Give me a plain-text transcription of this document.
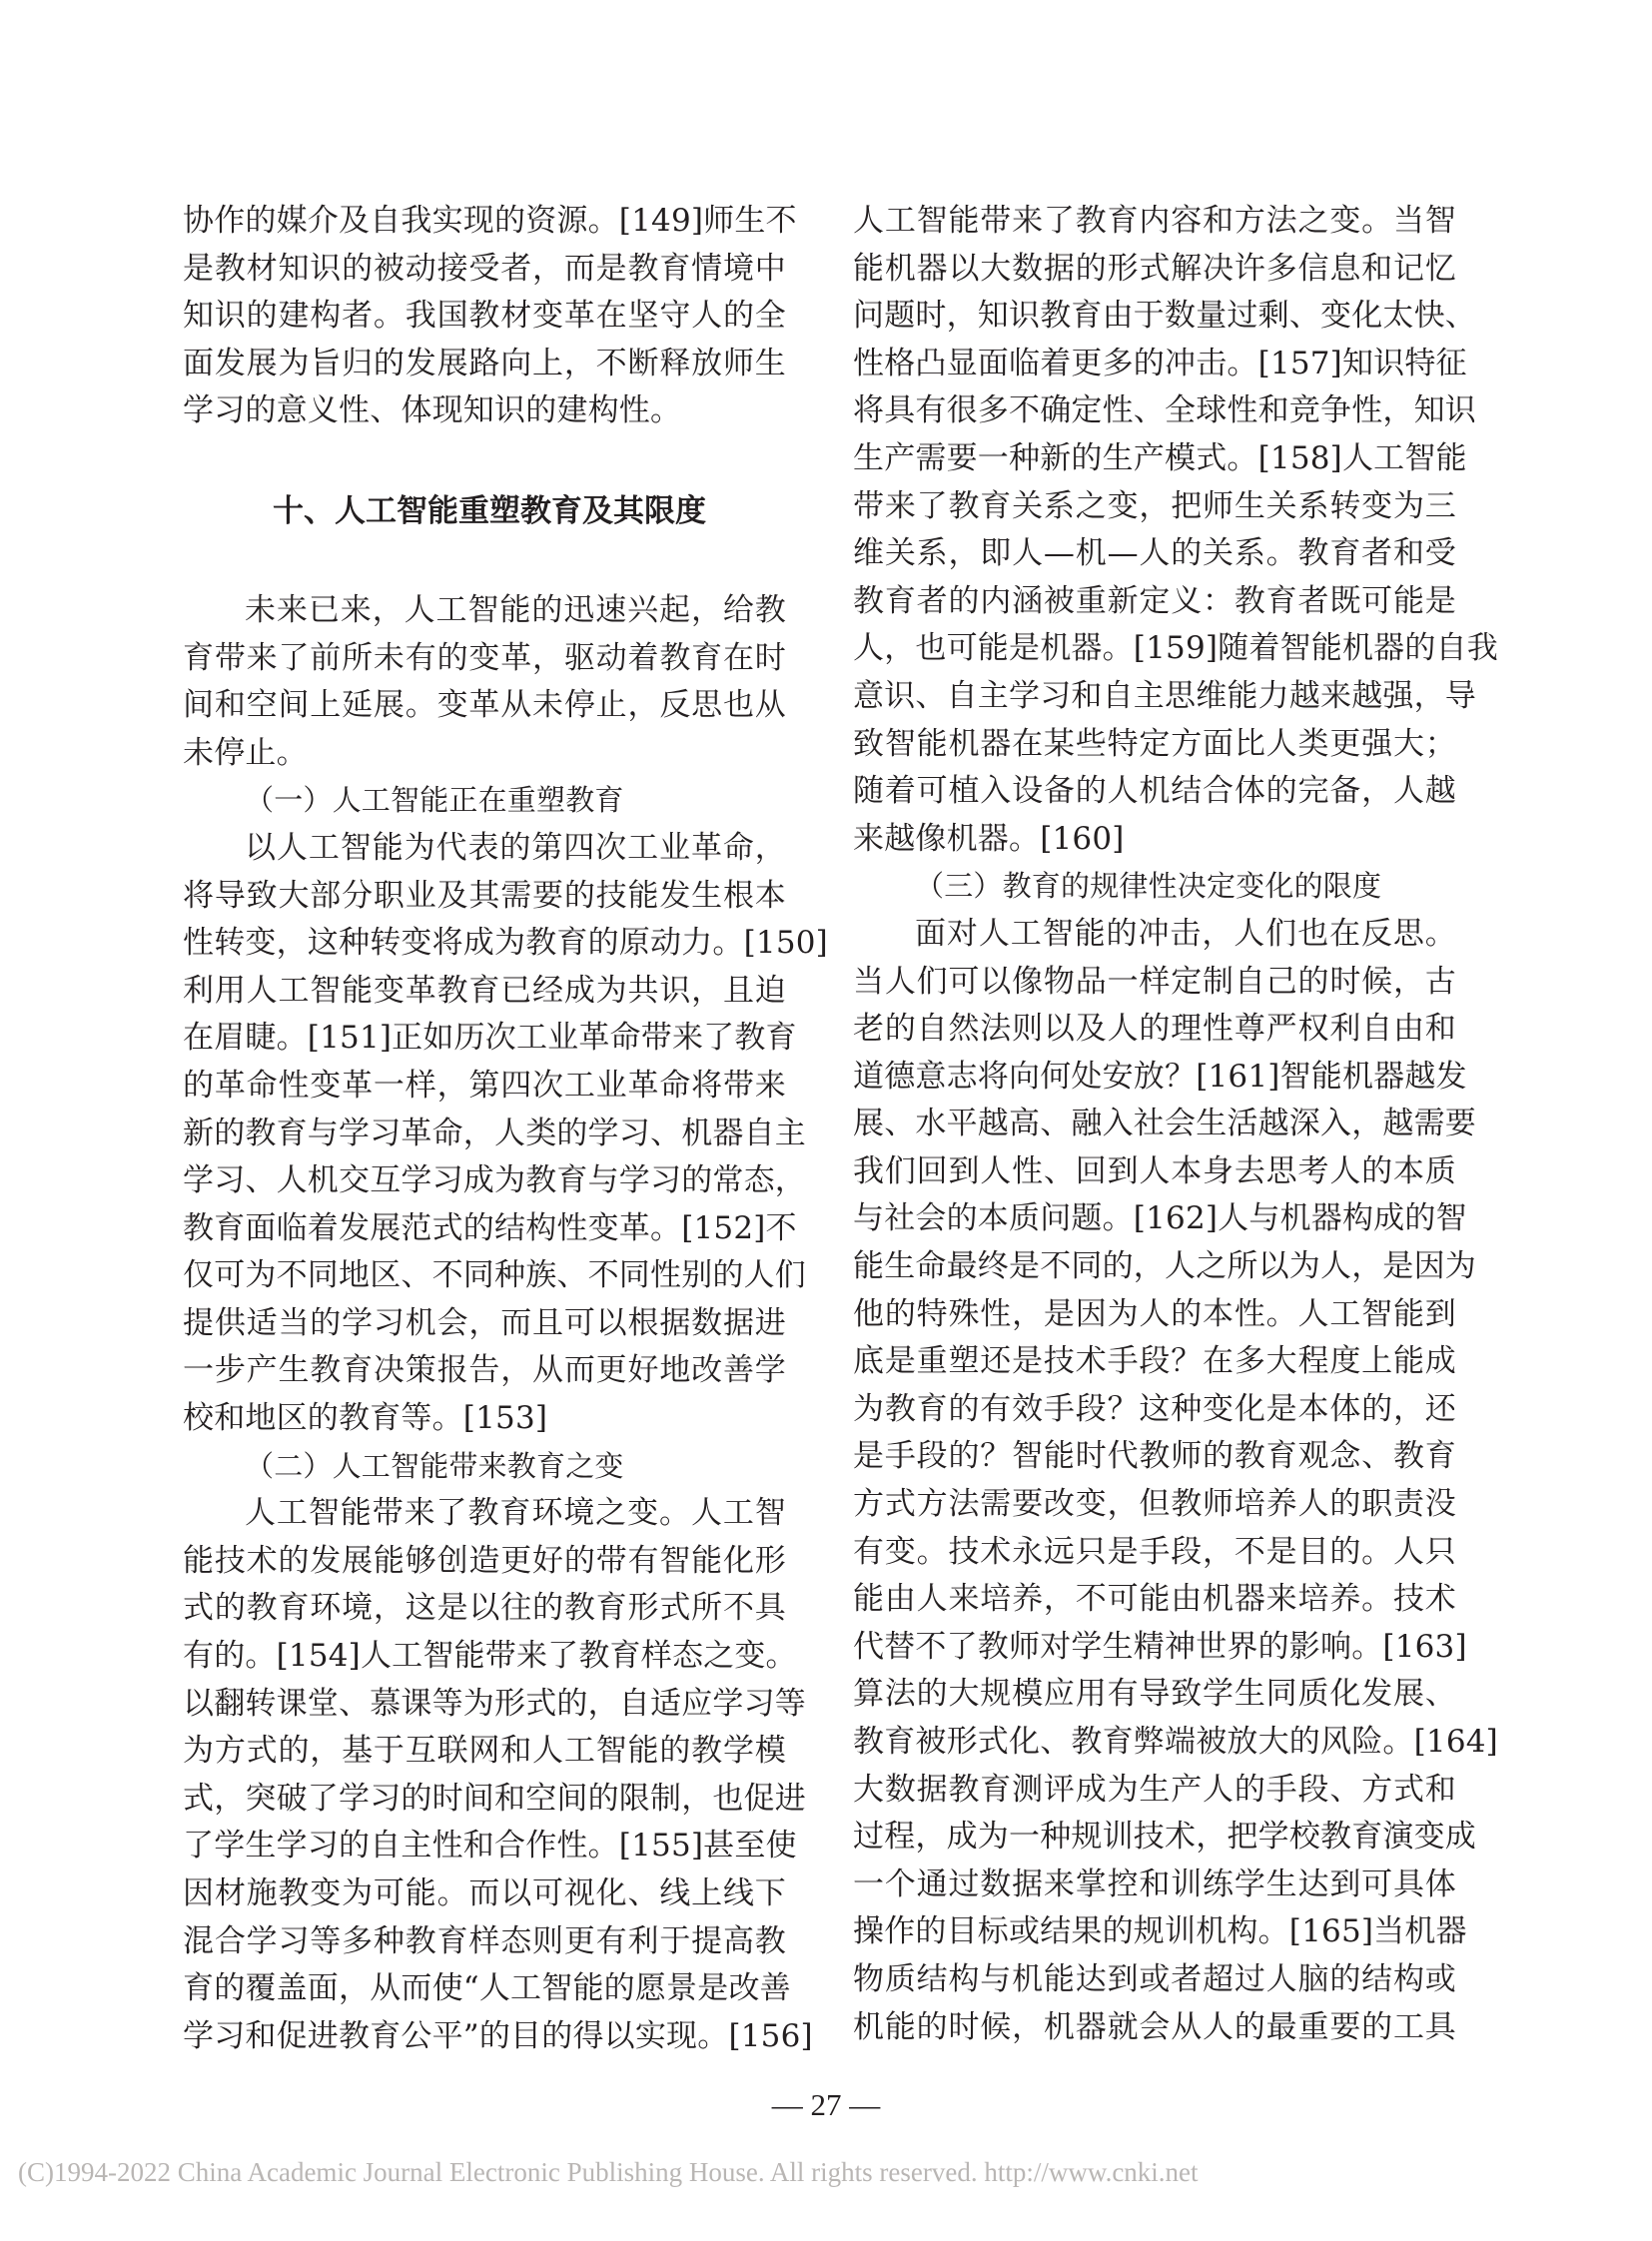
协作的媒介及自我实现的资源。[149]师生不
是教材知识的被动接受者，而是教育情境中
知识的建构者。我国教材变革在坚守人的全
面发展为旨归的发展路向上，不断释放师生
学习的意义性、体现知识的建构性。
十、人工智能重塑教育及其限度
未来已来，人工智能的迅速兴起，给教
育带来了前所未有的变革，驱动着教育在时
间和空间上延展。变革从未停止，反思也从
未停止。
（一）人工智能正在重塑教育
以人工智能为代表的第四次工业革命，
将导致大部分职业及其需要的技能发生根本
性转变，这种转变将成为教育的原动力。[150]
利用人工智能变革教育已经成为共识，且迫
在眉睫。[151]正如历次工业革命带来了教育
的革命性变革一样，第四次工业革命将带来
新的教育与学习革命，人类的学习、机器自主
学习、人机交互学习成为教育与学习的常态，
教育面临着发展范式的结构性变革。[152]不
仅可为不同地区、不同种族、不同性别的人们
提供适当的学习机会，而且可以根据数据进
一步产生教育决策报告，从而更好地改善学
校和地区的教育等。[153]
（二）人工智能带来教育之变
人工智能带来了教育环境之变。人工智
能技术的发展能够创造更好的带有智能化形
式的教育环境，这是以往的教育形式所不具
有的。[154]人工智能带来了教育样态之变。
以翻转课堂、慕课等为形式的，自适应学习等
为方式的，基于互联网和人工智能的教学模
式，突破了学习的时间和空间的限制，也促进
了学生学习的自主性和合作性。[155]甚至使
因材施教变为可能。而以可视化、线上线下
混合学习等多种教育样态则更有利于提高教
育的覆盖面，从而使“人工智能的愿景是改善
学习和促进教育公平”的目的得以实现。[156]
人工智能带来了教育内容和方法之变。当智
能机器以大数据的形式解决许多信息和记忆
问题时，知识教育由于数量过剩、变化太快、
性格凸显面临着更多的冲击。[157]知识特征
将具有很多不确定性、全球性和竞争性，知识
生产需要一种新的生产模式。[158]人工智能
带来了教育关系之变，把师生关系转变为三
维关系，即人—机—人的关系。教育者和受
教育者的内涵被重新定义：教育者既可能是
人，也可能是机器。[159]随着智能机器的自我
意识、自主学习和自主思维能力越来越强，导
致智能机器在某些特定方面比人类更强大；
随着可植入设备的人机结合体的完备，人越
来越像机器。[160]
（三）教育的规律性决定变化的限度
面对人工智能的冲击，人们也在反思。
当人们可以像物品一样定制自己的时候，古
老的自然法则以及人的理性尊严权利自由和
道德意志将向何处安放？[161]智能机器越发
展、水平越高、融入社会生活越深入，越需要
我们回到人性、回到人本身去思考人的本质
与社会的本质问题。[162]人与机器构成的智
能生命最终是不同的，人之所以为人，是因为
他的特殊性，是因为人的本性。人工智能到
底是重塑还是技术手段？在多大程度上能成
为教育的有效手段？这种变化是本体的，还
是手段的？智能时代教师的教育观念、教育
方式方法需要改变，但教师培养人的职责没
有变。技术永远只是手段，不是目的。人只
能由人来培养，不可能由机器来培养。技术
代替不了教师对学生精神世界的影响。[163]
算法的大规模应用有导致学生同质化发展、
教育被形式化、教育弊端被放大的风险。[164]
大数据教育测评成为生产人的手段、方式和
过程，成为一种规训技术，把学校教育演变成
一个通过数据来掌控和训练学生达到可具体
操作的目标或结果的规训机构。[165]当机器
物质结构与机能达到或者超过人脑的结构或
机能的时候，机器就会从人的最重要的工具
— 27 —
(C)1994-2022 China Academic Journal Electronic Publishing House. All rights reserved. http://www.cnki.net
